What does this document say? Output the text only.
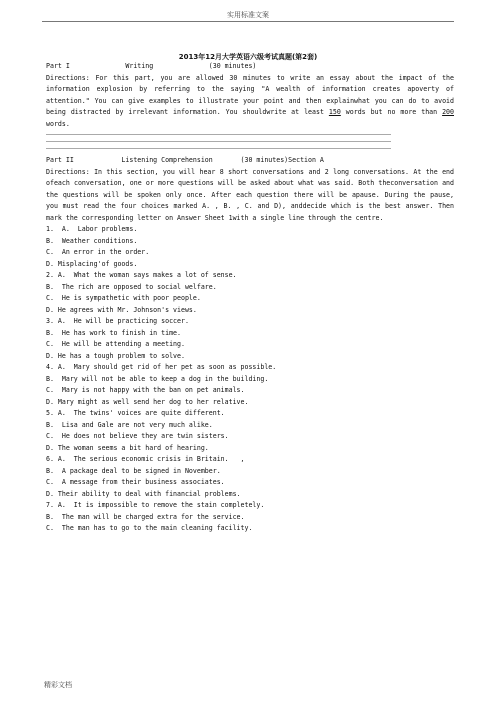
实用标准文案
2013年12月大学英语六级考试真题(第2套)
Part I              Writing              (30 minutes)
Directions: For this part, you are allowed 30 minutes to write an essay about the impact of the information explosion by referring to the saying "A wealth of information creates apoverty of attention." You can give examples to illustrate your point and then explainwhat you can do to avoid being distracted by irrelevant information. You shouldwrite at least 150 words but no more than 200 words.
Part II            Listening Comprehension       (30 minutes)Section A
Directions: In this section, you will hear 8 short conversations and 2 long conversations. At the end ofeach conversation, one or more questions will be asked about what was said. Both theconversation and the questions will be spoken only once. After each question there will be apause. During the pause, you must read the four choices marked A. , B. , C. and D), anddecide which is the best answer. Then mark the corresponding letter on Answer Sheet 1with a single line through the centre.
1.  A.  Labor problems.
B.  Weather conditions.
C.  An error in the order.
D. Misplacing'of goods.
2. A.  What the woman says makes a lot of sense.
B.  The rich are opposed to social welfare.
C.  He is sympathetic with poor people.
D. He agrees with Mr. Johnson's views.
3. A.  He will be practicing soccer.
B.  He has work to finish in time.
C.  He will be attending a meeting.
D. He has a tough problem to solve.
4. A.  Mary should get rid of her pet as soon as possible.
B.  Mary will not be able to keep a dog in the building.
C.  Mary is not happy with the ban on pet animals.
D. Mary might as well send her dog to her relative.
5. A.  The twins' voices are quite different.
B.  Lisa and Gale are not very much alike.
C.  He does not believe they are twin sisters.
D. The woman seems a bit hard of hearing.
6. A.  The serious economic crisis in Britain.   ,
B.  A package deal to be signed in November.
C.  A message from their business associates.
D. Their ability to deal with financial problems.
7. A.  It is impossible to remove the stain completely.
B.  The man will be charged extra for the service.
C.  The man has to go to the main cleaning facility.
精彩文档
